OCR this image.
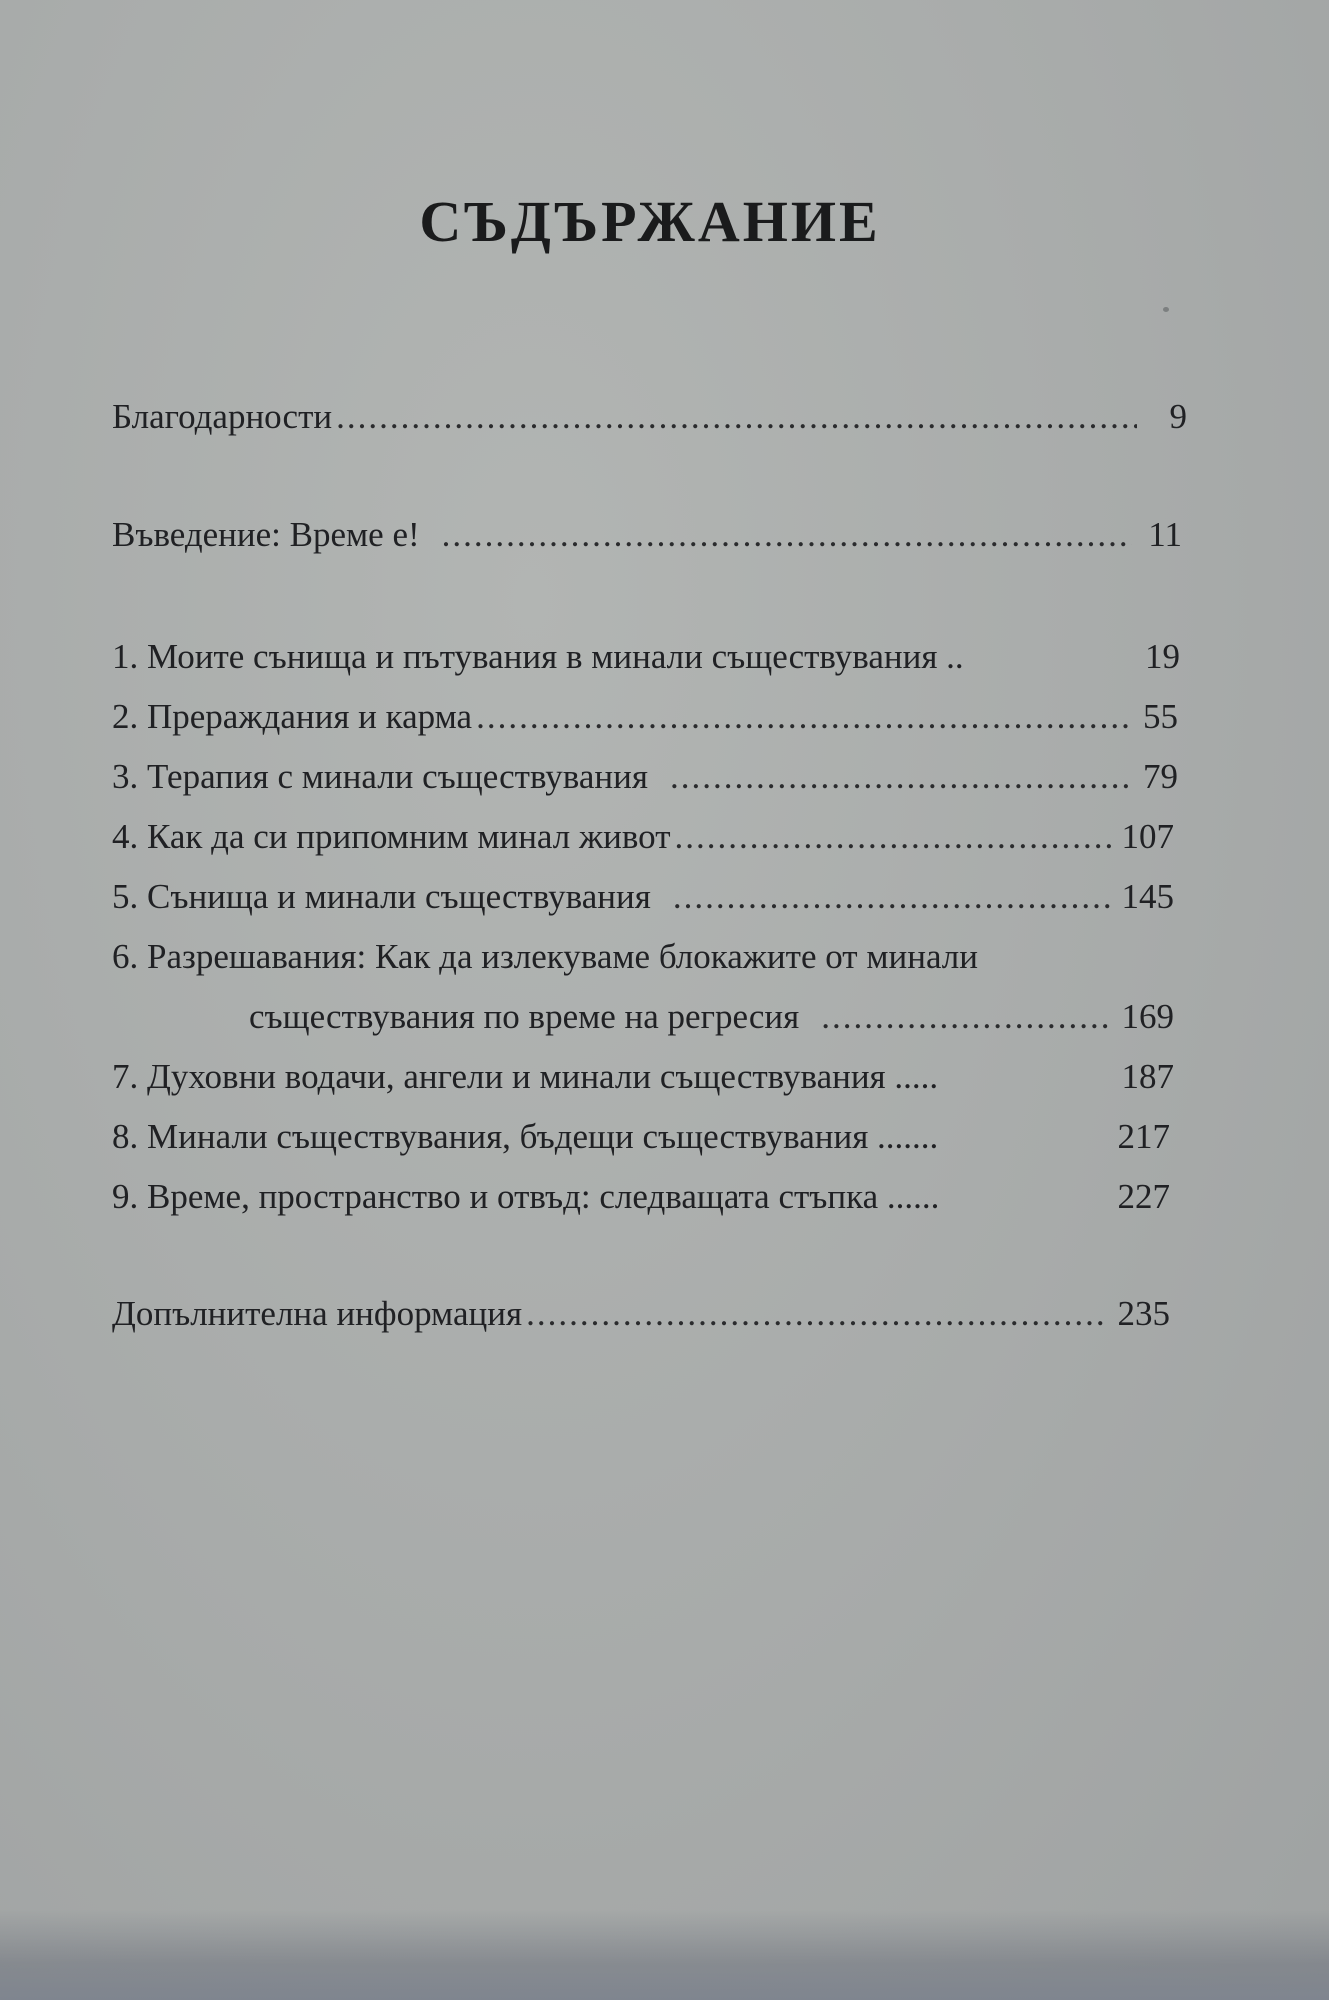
СЪДЪРЖАНИЕ
Благодарности .....	9
Въведение: Време е! .....	11
1. Моите сънища и пътувания в минали съществувания ..	19
2. Прераждания и карма .....	55
3. Терапия с минали съществувания .....	79
4. Как да си припомним минал живот .....	107
5. Сънища и минали съществувания .....	145
6. Разрешавания: Как да излекуваме блокажите от минали
съществувания по време на регресия .....	169
7. Духовни водачи, ангели и минали съществувания .....	187
8. Минали съществувания, бъдещи съществувания .......	217
9. Време, пространство и отвъд: следващата стъпка ......	227
Допълнителна информация .....	235
